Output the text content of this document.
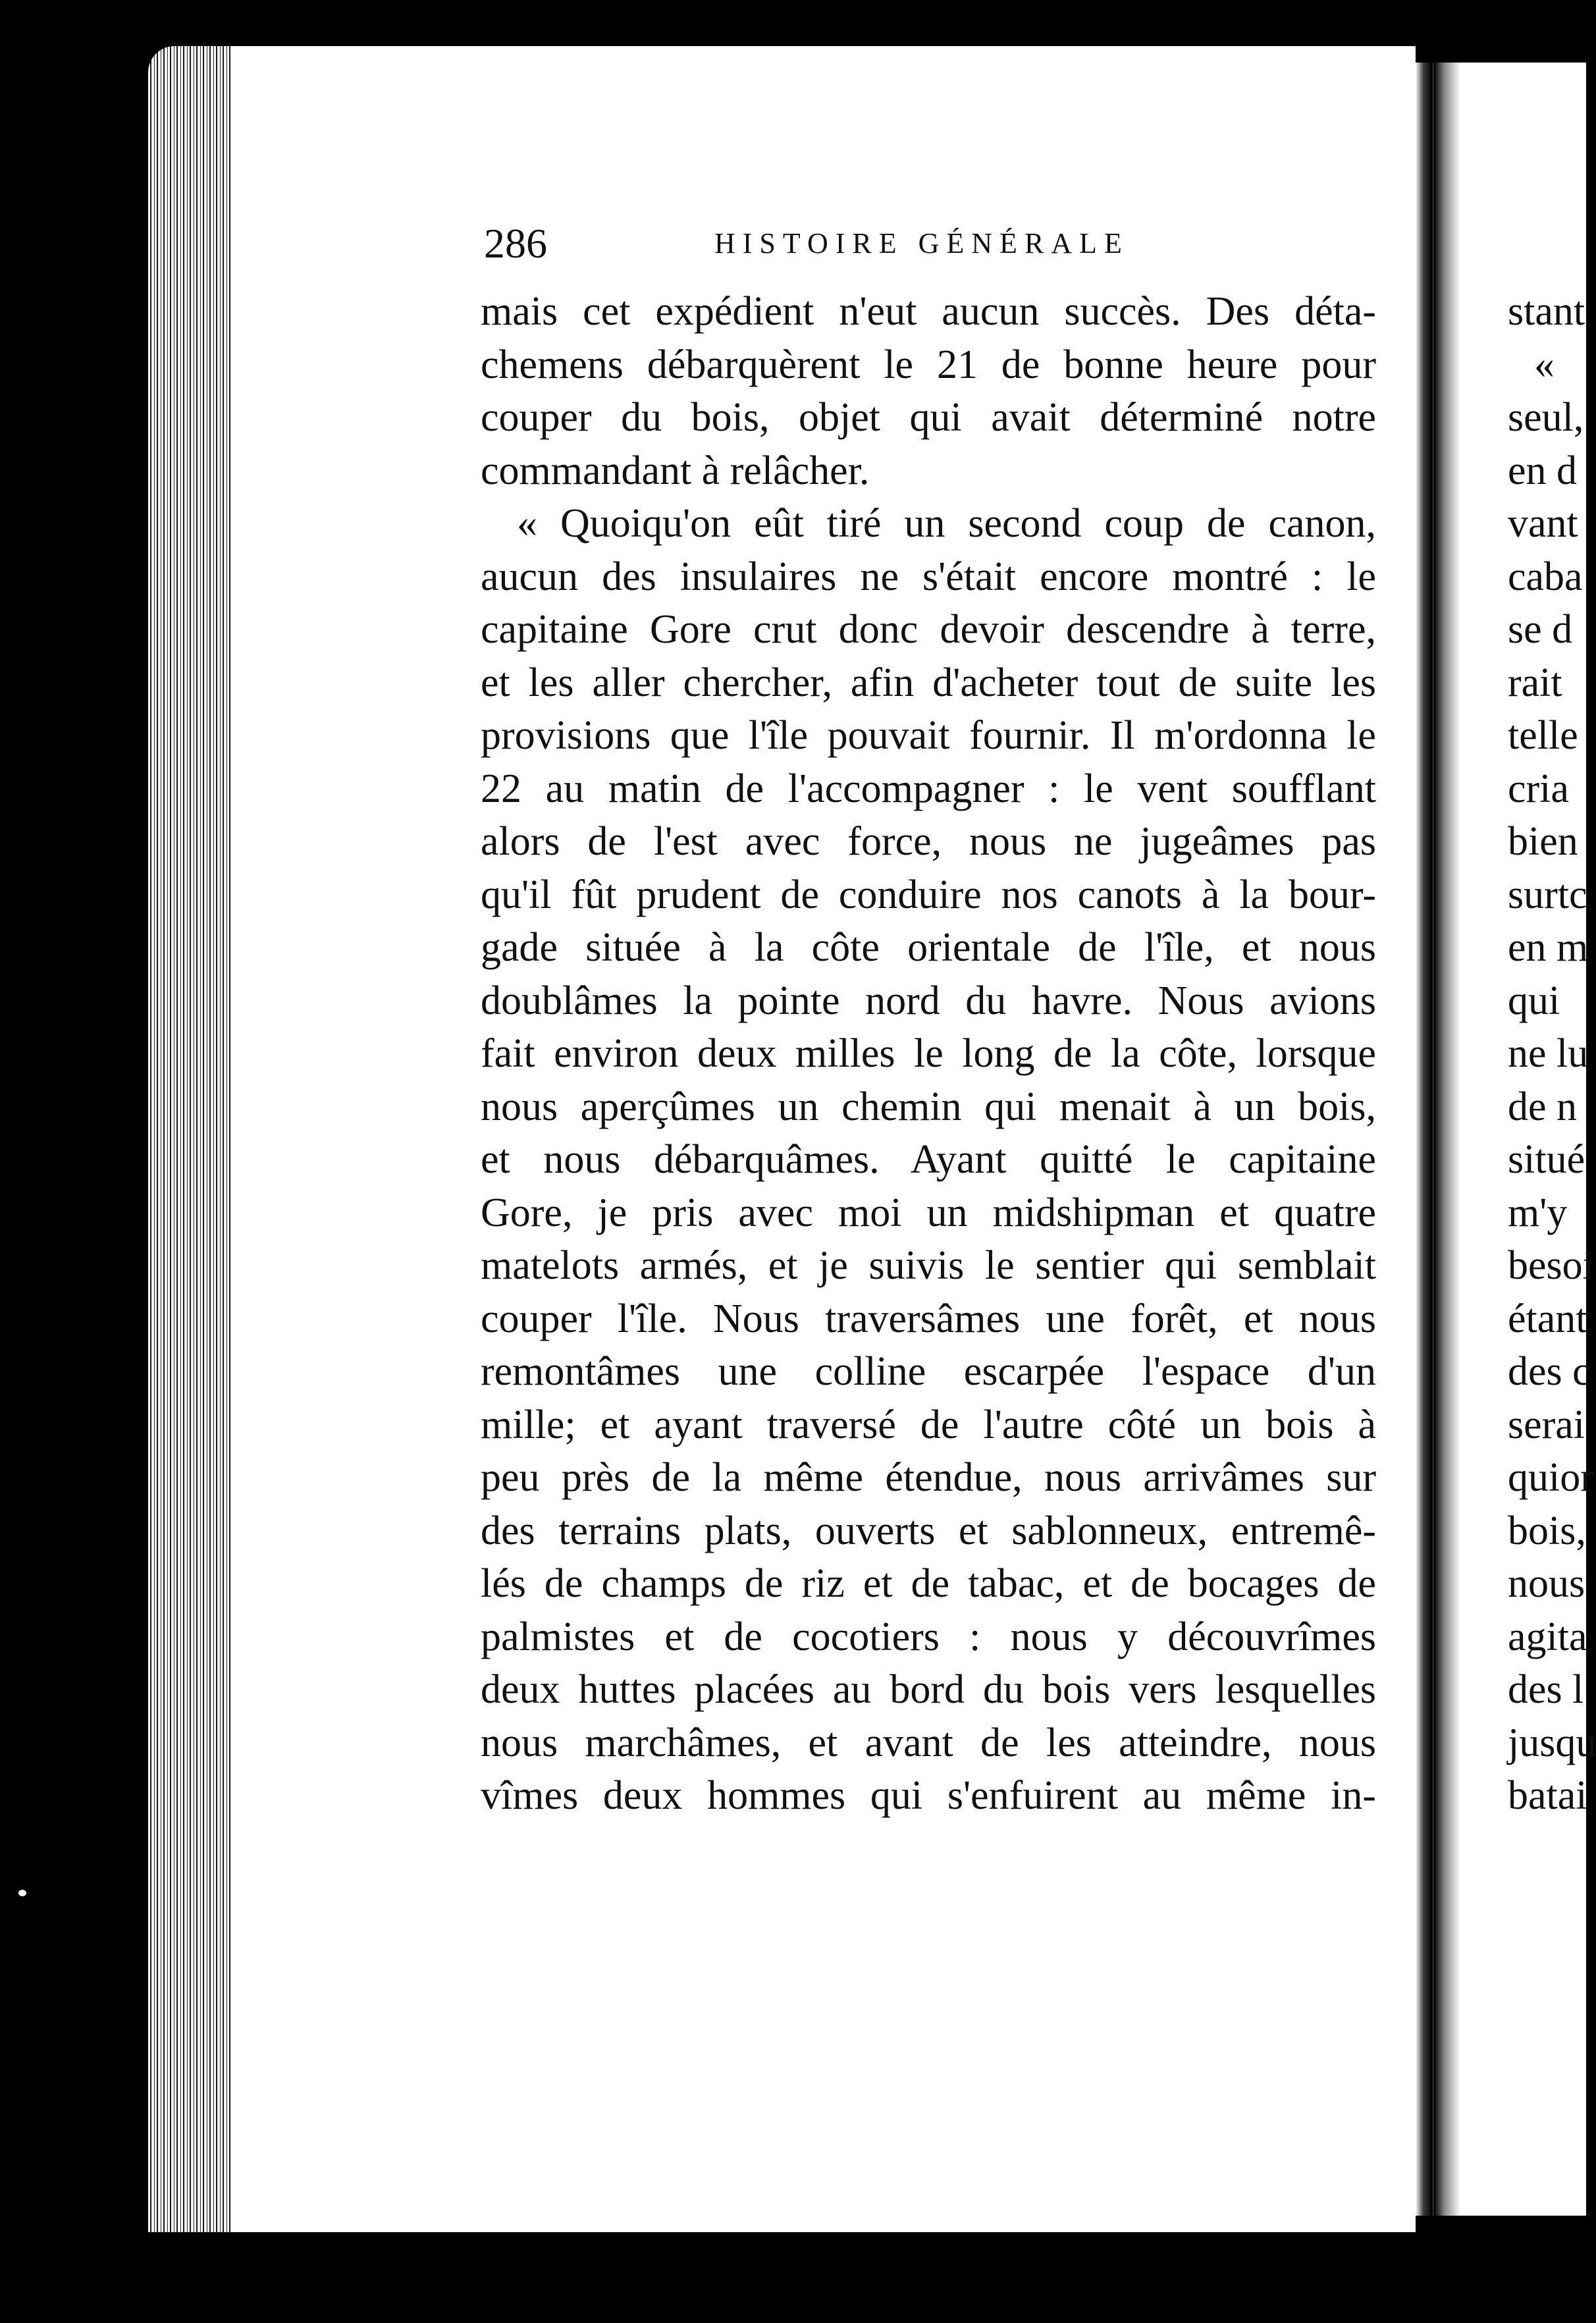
286	HISTOIRE GÉNÉRALE
mais cet expédient n'eut aucun succès. Des déta-
chemens débarquèrent le 21 de bonne heure pour
couper du bois, objet qui avait déterminé notre
commandant à relâcher.
« Quoiqu'on eût tiré un second coup de canon,
aucun des insulaires ne s'était encore montré : le
capitaine Gore crut donc devoir descendre à terre,
et les aller chercher, afin d'acheter tout de suite les
provisions que l'île pouvait fournir. Il m'ordonna le
22 au matin de l'accompagner : le vent soufflant
alors de l'est avec force, nous ne jugeâmes pas
qu'il fût prudent de conduire nos canots à la bour-
gade située à la côte orientale de l'île, et nous
doublâmes la pointe nord du havre. Nous avions
fait environ deux milles le long de la côte, lorsque
nous aperçûmes un chemin qui menait à un bois,
et nous débarquâmes. Ayant quitté le capitaine
Gore, je pris avec moi un midshipman et quatre
matelots armés, et je suivis le sentier qui semblait
couper l'île. Nous traversâmes une forêt, et nous
remontâmes une colline escarpée l'espace d'un
mille; et ayant traversé de l'autre côté un bois à
peu près de la même étendue, nous arrivâmes sur
des terrains plats, ouverts et sablonneux, entremê-
lés de champs de riz et de tabac, et de bocages de
palmistes et de cocotiers : nous y découvrîmes
deux huttes placées au bord du bois vers lesquelles
nous marchâmes, et avant de les atteindre, nous
vîmes deux hommes qui s'enfuirent au même in-
stant
«
seul,
en d
vant
caba
se d
rait
telle
cria
bien
surtc
en m
qui
ne lu
de n
situé
m'y
besoi
étant
des c
serai
quior
bois,
nous
agita
des l
jusqu
batai
